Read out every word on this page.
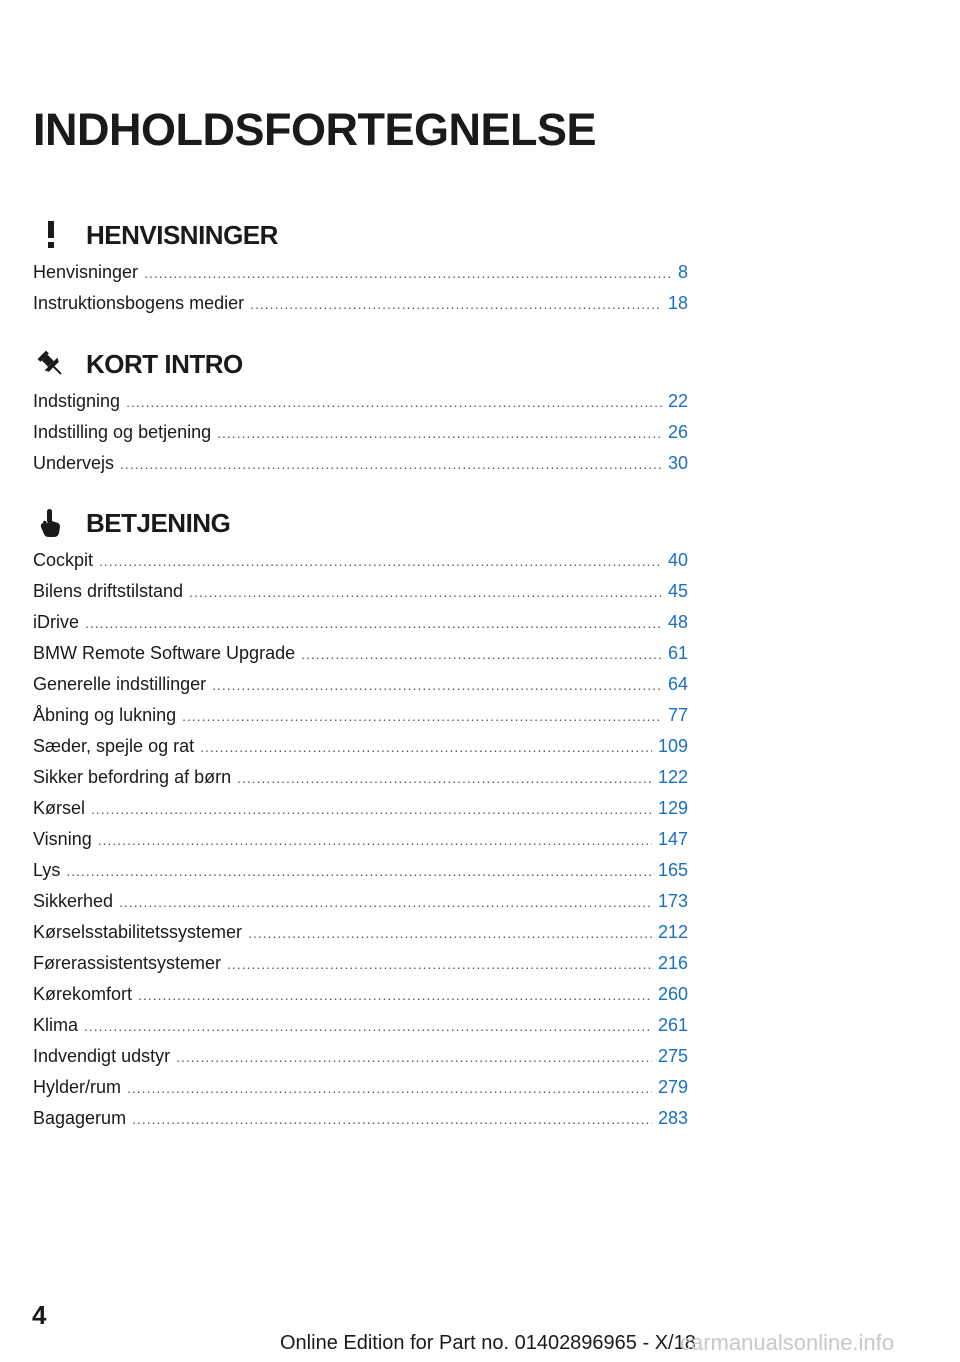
INDHOLDSFORTEGNELSE
HENVISNINGER
Henvisninger .....	8
Instruktionsbogens medier .....	18
KORT INTRO
Indstigning .....	22
Indstilling og betjening .....	26
Undervejs .....	30
BETJENING
Cockpit .....	40
Bilens driftstilstand .....	45
iDrive .....	48
BMW Remote Software Upgrade .....	61
Generelle indstillinger .....	64
Åbning og lukning .....	77
Sæder, spejle og rat .....	109
Sikker befordring af børn .....	122
Kørsel .....	129
Visning .....	147
Lys .....	165
Sikkerhed .....	173
Kørselsstabilitetssystemer .....	212
Førerassistentsystemer .....	216
Kørekomfort .....	260
Klima .....	261
Indvendigt udstyr .....	275
Hylder/rum .....	279
Bagagerum .....	283
4
Online Edition for Part no. 01402896965 - X/18
carmanualsonline.info
